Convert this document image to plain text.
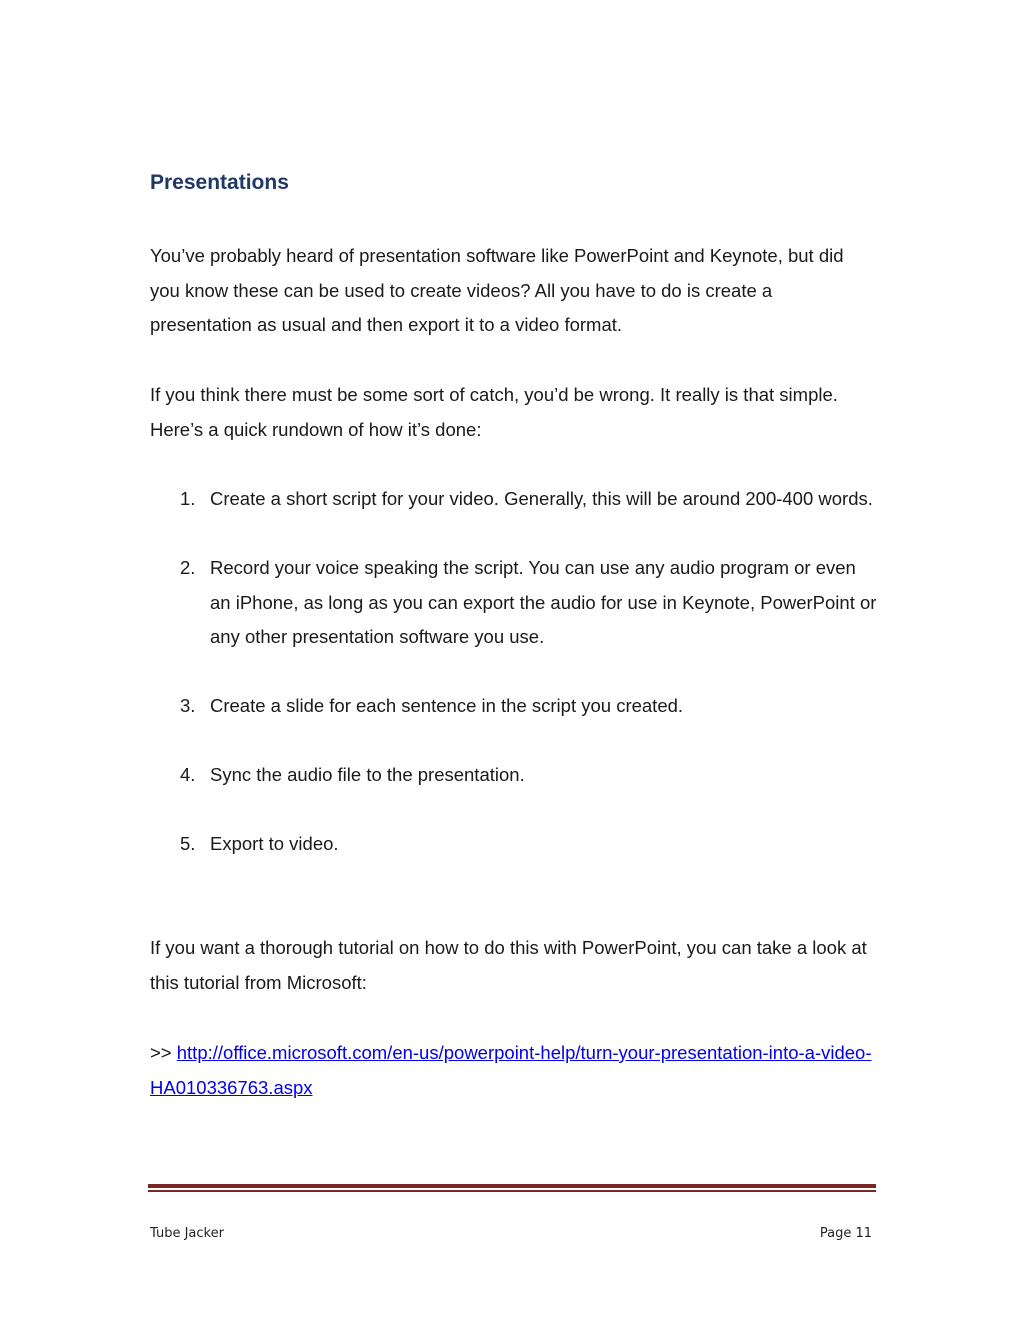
Presentations

You’ve probably heard of presentation software like PowerPoint and Keynote, but did you know these can be used to create videos? All you have to do is create a presentation as usual and then export it to a video format.

If you think there must be some sort of catch, you’d be wrong. It really is that simple. Here’s a quick rundown of how it’s done:

1. Create a short script for your video. Generally, this will be around 200-400 words.
2. Record your voice speaking the script. You can use any audio program or even an iPhone, as long as you can export the audio for use in Keynote, PowerPoint or any other presentation software you use.
3. Create a slide for each sentence in the script you created.
4. Sync the audio file to the presentation.
5. Export to video.

If you want a thorough tutorial on how to do this with PowerPoint, you can take a look at this tutorial from Microsoft:

>> http://office.microsoft.com/en-us/powerpoint-help/turn-your-presentation-into-a-video-HA010336763.aspx

Tube Jacker	Page 11
